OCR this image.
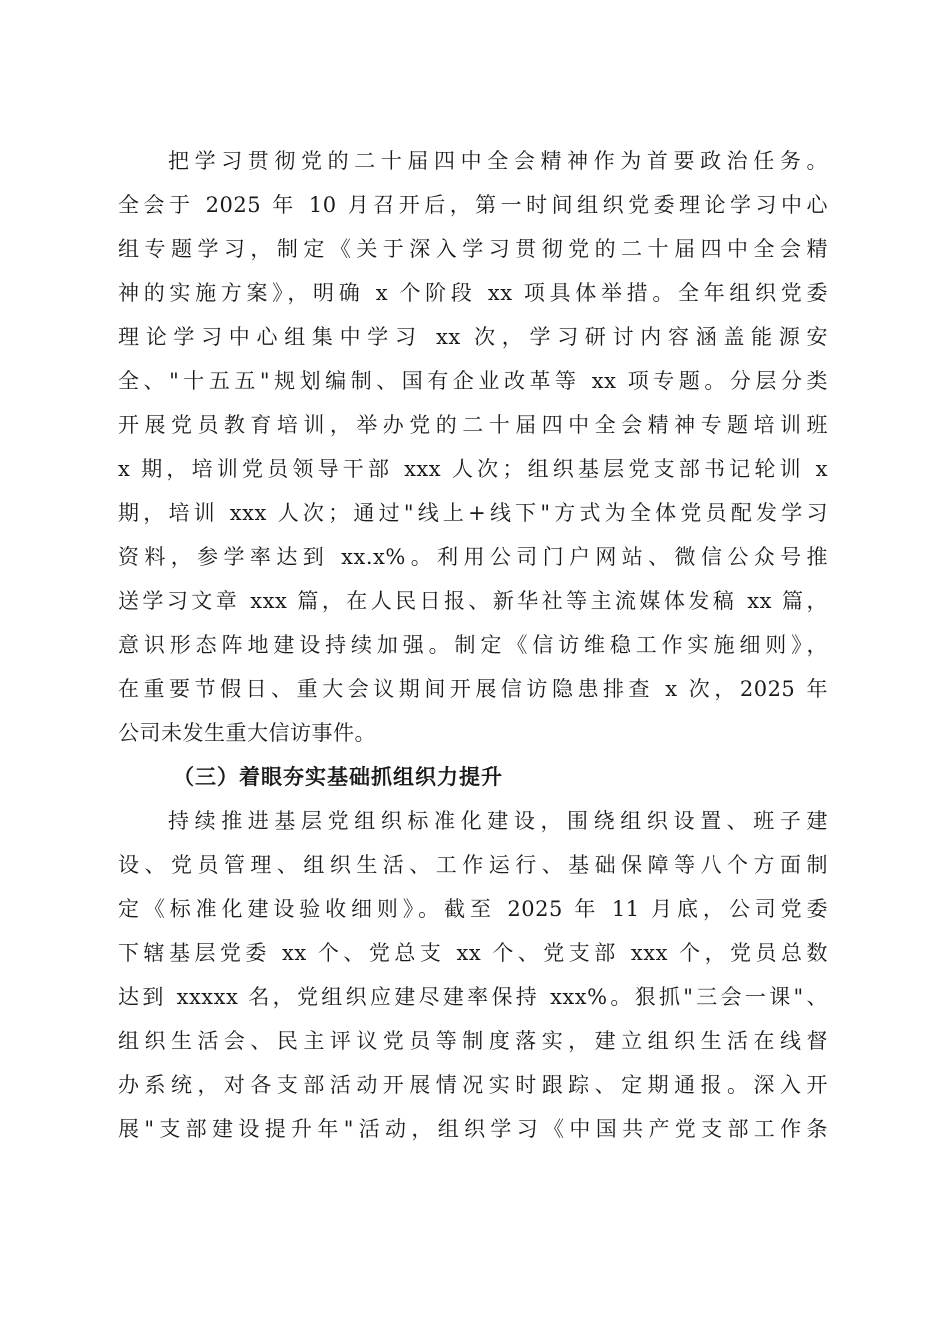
把学习贯彻党的二十届四中全会精神作为首要政治任务。
全会于 2025 年 10 月召开后，第一时间组织党委理论学习中心
组专题学习，制定《关于深入学习贯彻党的二十届四中全会精
神的实施方案》，明确 x 个阶段 xx 项具体举措。全年组织党委
理论学习中心组集中学习 xx 次，学习研讨内容涵盖能源安
全、"十五五"规划编制、国有企业改革等 xx 项专题。分层分类
开展党员教育培训，举办党的二十届四中全会精神专题培训班
x 期，培训党员领导干部 xxx 人次；组织基层党支部书记轮训 x
期，培训 xxx 人次；通过"线上+线下"方式为全体党员配发学习
资料，参学率达到 xx.x%。利用公司门户网站、微信公众号推
送学习文章 xxx 篇，在人民日报、新华社等主流媒体发稿 xx 篇，
意识形态阵地建设持续加强。制定《信访维稳工作实施细则》，
在重要节假日、重大会议期间开展信访隐患排查 x 次，2025 年
公司未发生重大信访事件。
（三）着眼夯实基础抓组织力提升
持续推进基层党组织标准化建设，围绕组织设置、班子建
设、党员管理、组织生活、工作运行、基础保障等八个方面制
定《标准化建设验收细则》。截至 2025 年 11 月底，公司党委
下辖基层党委 xx 个、党总支 xx 个、党支部 xxx 个，党员总数
达到 xxxxx 名，党组织应建尽建率保持 xxx%。狠抓"三会一课"、
组织生活会、民主评议党员等制度落实，建立组织生活在线督
办系统，对各支部活动开展情况实时跟踪、定期通报。深入开
展"支部建设提升年"活动，组织学习《中国共产党支部工作条
